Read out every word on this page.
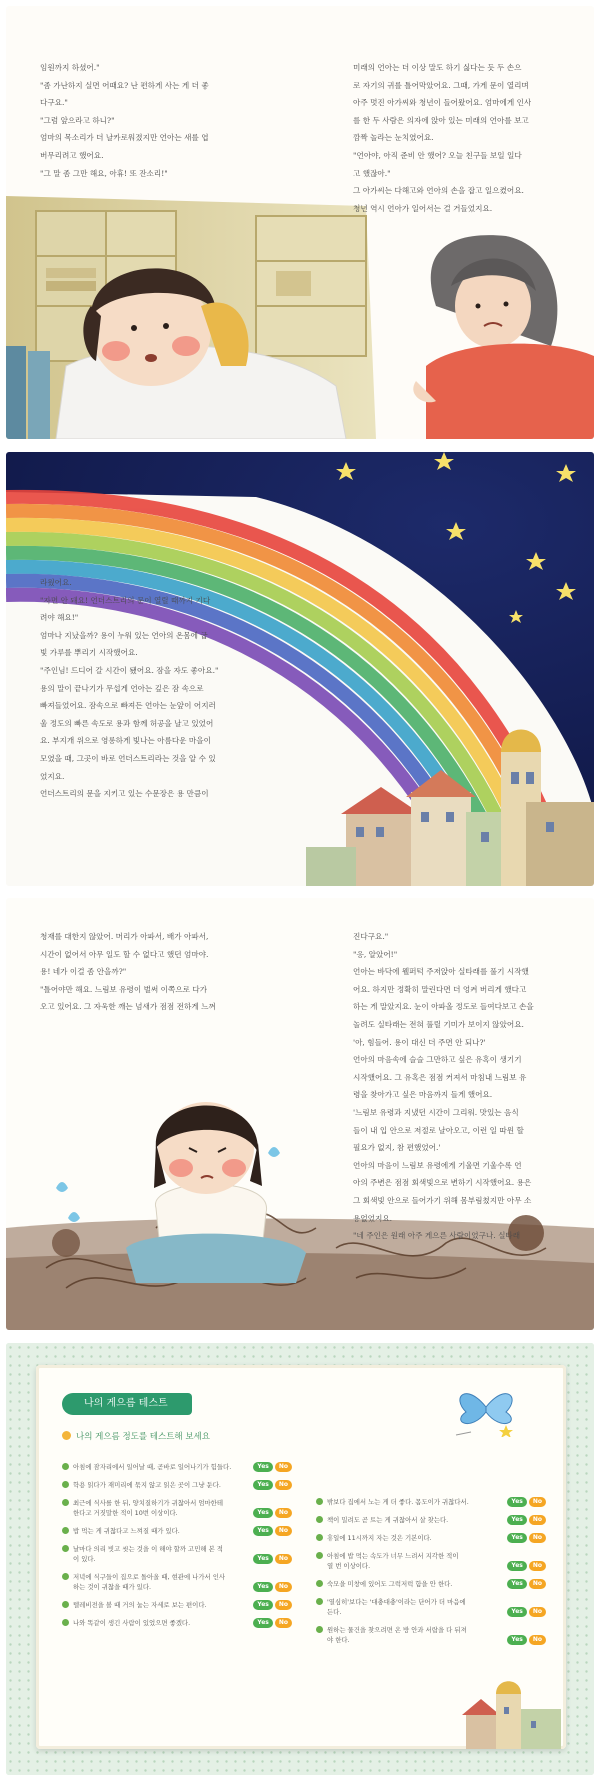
임원까지 하셨어."

"좀 가난하지 실면 어때요? 난 편하게 사는 게 더 좋

다구요."

"그럼 앞으라고 하니?"

엄마의 목소리가 더 날카로워졌지만 언아는 새를 엽

버무리려고 했어요.

"그 말 좀 그만 해요, 아휴! 또 잔소리!"

미래의 언아는 더 이상 말도 하기 싫다는 듯 두 손으

로 자기의 귀를 틀어막았어요. 그때, 가게 문이 열리며

아주 멋진 아가씨와 청년이 들어왔어요. 엄마에게 인사

를 한 두 사람은 의자에 앉아 있는 미래의 언아를 보고

깜짝 놀라는 눈치였어요.

"언아야, 아직 준비 안 했어? 오늘 친구들 보일 일다

고 했잖아."

그 아가씨는 다해고와 언아의 손을 잡고 일으켰어요.

청년 역시 언아가 일어서는 걸 거들었지요.

라웠어요.

"자면 안 돼요! 언더스트리의 문이 열릴 때까지 기다

려야 해요!"

엄마나 지났을까? 용이 누워 있는 언아의 온몸에 굽

빛 가루를 뿌리기 시작했어요.

"주인님! 드디어 갈 시간이 됐어요. 잠을 자도 좋아요."

용의 말이 끝나기가 무섭게 언아는 깊은 잠 속으로

빠져들었어요. 잠속으로 빠져든 언아는 눈앞이 어지러

울 정도의 빠른 속도로 용과 함께 허공을 날고 있었어

요. 부지개 위으로 영롱하게 빛나는 아름다운 마을이

모였을 때, 그곳이 바로 언더스트리라는 것을 알 수 있

었지요.

언더스트리의 문을 지키고 있는 수문장은 용 만큼이

청재를 대한지 않았어. 머리가 아파서, 배가 아파서,

시간이 없어서 아무 일도 할 수 없다고 했던 엄마야.

용! 네가 이걸 좀 안을까?"

"틀어야만 해요. 느림보 유령이 벌써 이쪽으로 다가

오고 있어요. 그 자욱한 깨는 넘새가 점점 전하게 느껴

진다구요."

"응, 알았어!"

언아는 바닥에 웰퍼턱 주저앉아 실타래를 풀기 시작했

어요. 하지만 정확히 말린다면 더 엉켜 버리게 했다고

하는 게 말았지요. 눈이 아파올 정도로 들여다보고 손을

놀려도 실타래는 전혀 풀릴 기미가 보이지 않았어요.

'아, 힘들어. 용이 대신 더 주면 안 되나?'

언아의 마음속에 슬슬 그만하고 싶은 유혹이 생기기

시작했어요. 그 유혹은 점점 커져서 마침내 느림보 유

령을 찾아가고 싶은 마음까지 들게 했어요.

'느림보 유령과 지냈던 시간이 그리워. 맛있는 음식

들이 내 입 안으로 저절로 날아오고, 이런 일 따윈 할

필요가 없지, 참 편했었어.'

언아의 마음이 느림보 유령에게 기울면 기울수록 언

아의 주변은 점점 회색빛으로 변하기 시작했어요. 용은

그 회색빛 안으로 들어가기 위해 몸부림쳤지만 아무 소

용없었지요.

"네 주인은 원래 아주 게으른 사람이었구나. 실타래

나의 게으름 테스트
나의 게으름 정도를 테스트해 보세요
아침에 잠자리에서 일어날 때, 곧바로 일어나기가 힘들다.	Yes No
학용 읽다가 재미리에 묶지 않고 읽은 곳이 그냥 둔다.	Yes No
최근에 식사를 한 뒤, 양치질하기가 귀찮아서 엄마한테
한다고 거짓말한 적이 10번 이상이다.	Yes No
밥 먹는 게 귀찮다고 느껴질 때가 있다.	Yes No
날마다 의리 빗고 씻는 것을 이 해야 할까 고민해 본 적
이 있다.	Yes No
저녁에 식구들이 집으로 돌아올 때, 현관에 나가서 인사
하는 것이 귀찮을 때가 있다.	Yes No
텔레비전을 볼 때 거의 눕는 자세로 보는 편이다.	Yes No
나와 똑같이 생긴 사람이 있었으면 좋겠다.	Yes No
밖보다 집에서 노는 게 더 좋다. 몸도이가 귀찮다서.	Yes No
책이 밀려도 곧 트는 게 귀찮아서 살 찾는다.	Yes No
휴일에 11시까지 자는 것은 기본이다.	Yes No
아침에 밥 먹는 속도가 너무 느려서 지각한 적이
열 번 이상이다.	Yes No
숙모을 미창에 있어도 그럭저럭 함을 안 한다.	Yes No
'열심히'보다는 '대충대충'이라는 단어가 더 마음에
든다.	Yes No
원하는 물건을 찾으려면 온 방 안과 서랍을 다 뒤져
야 한다.	Yes No
